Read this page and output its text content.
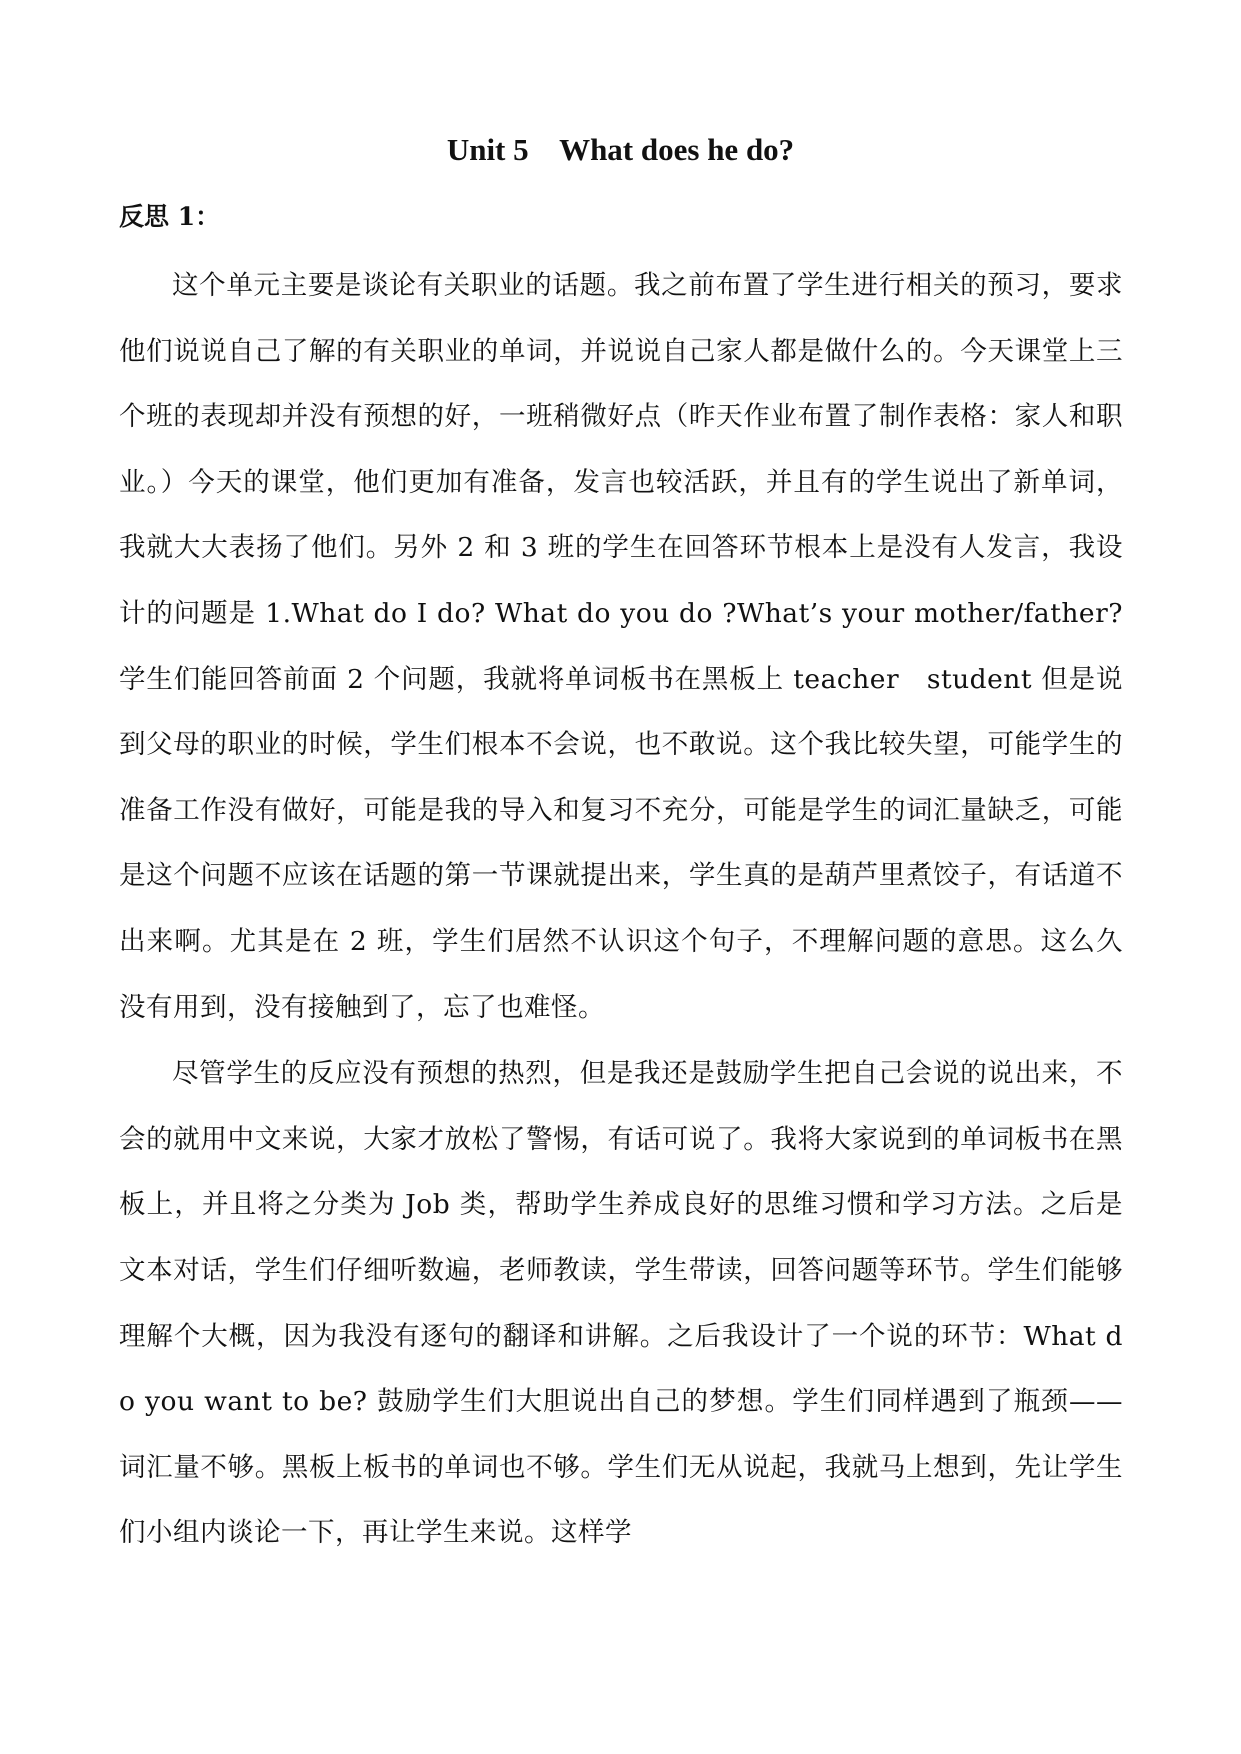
Unit 5    What does he do?
反思 1：

这个单元主要是谈论有关职业的话题。我之前布置了学生进行相关的预习，要求他们说说自己了解的有关职业的单词，并说说自己家人都是做什么的。今天课堂上三个班的表现却并没有预想的好，一班稍微好点（昨天作业布置了制作表格：家人和职业。）今天的课堂，他们更加有准备，发言也较活跃，并且有的学生说出了新单词，我就大大表扬了他们。另外 2 和 3 班的学生在回答环节根本上是没有人发言，我设计的问题是 1.What do I do? What do you do ?What’s your mother/father?学生们能回答前面 2 个问题，我就将单词板书在黑板上 teacher　student 但是说到父母的职业的时候，学生们根本不会说，也不敢说。这个我比较失望，可能学生的准备工作没有做好，可能是我的导入和复习不充分，可能是学生的词汇量缺乏，可能是这个问题不应该在话题的第一节课就提出来，学生真的是葫芦里煮饺子，有话道不出来啊。尤其是在 2 班，学生们居然不认识这个句子，不理解问题的意思。这么久没有用到，没有接触到了，忘了也难怪。

尽管学生的反应没有预想的热烈，但是我还是鼓励学生把自己会说的说出来，不会的就用中文来说，大家才放松了警惕，有话可说了。我将大家说到的单词板书在黑板上，并且将之分类为 Job 类，帮助学生养成良好的思维习惯和学习方法。之后是文本对话，学生们仔细听数遍，老师教读，学生带读，回答问题等环节。学生们能够理解个大概，因为我没有逐句的翻译和讲解。之后我设计了一个说的环节：What do you want to be? 鼓励学生们大胆说出自己的梦想。学生们同样遇到了瓶颈——词汇量不够。黑板上板书的单词也不够。学生们无从说起，我就马上想到，先让学生们小组内谈论一下，再让学生来说。这样学
